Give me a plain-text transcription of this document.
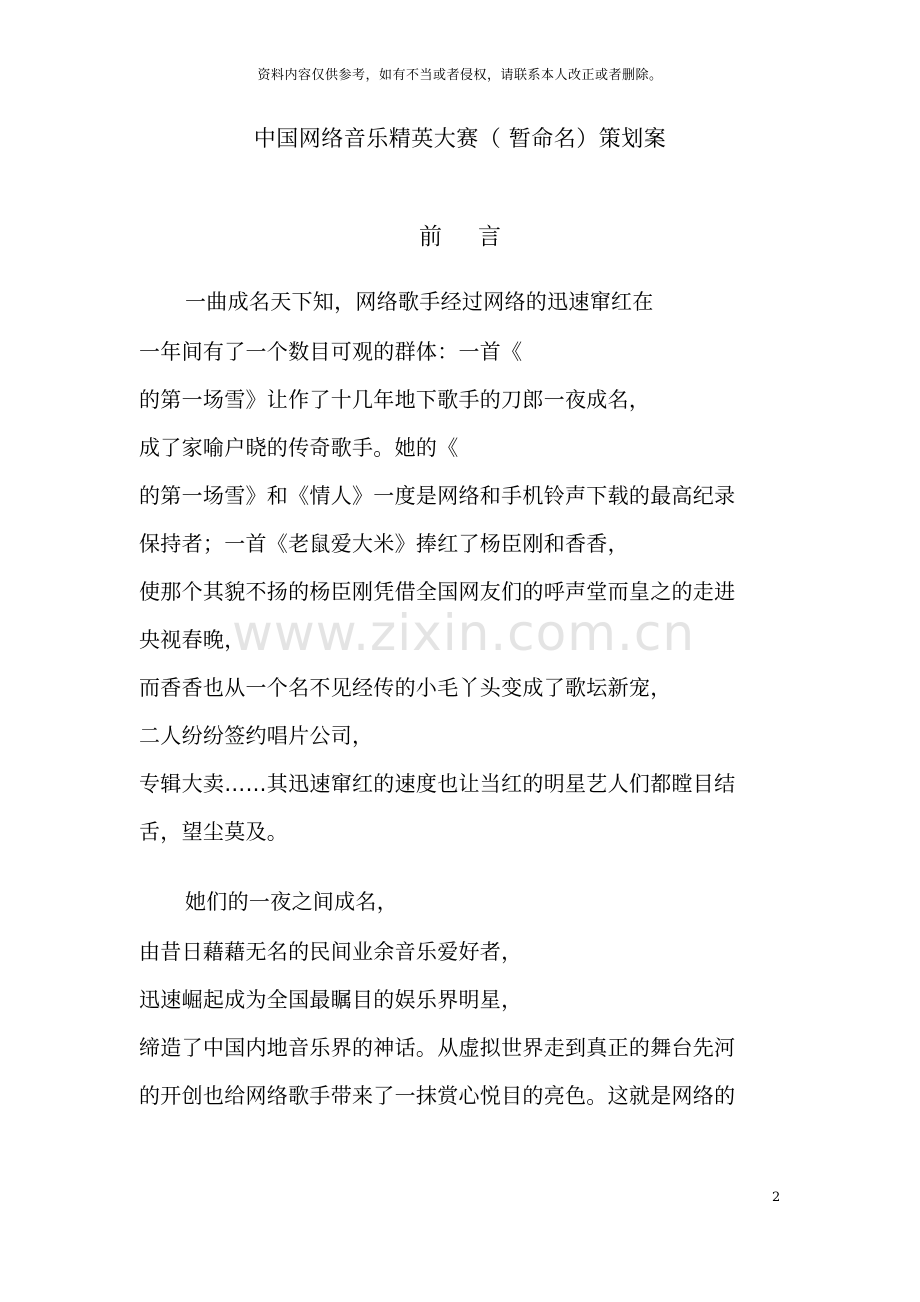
资料内容仅供参考，如有不当或者侵权，请联系本人改正或者删除。
中国网络音乐精英大赛（ 暂命名）策划案
前言
一曲成名天下知，网络歌手经过网络的迅速窜红在
一年间有了一个数目可观的群体：一首《
的第一场雪》让作了十几年地下歌手的刀郎一夜成名，
成了家喻户晓的传奇歌手。她的《
的第一场雪》和《情人》一度是网络和手机铃声下载的最高纪录
保持者；一首《老鼠爱大米》捧红了杨臣刚和香香，
使那个其貌不扬的杨臣刚凭借全国网友们的呼声堂而皇之的走进
央视春晚，
而香香也从一个名不见经传的小毛丫头变成了歌坛新宠，
二人纷纷签约唱片公司，
专辑大卖……其迅速窜红的速度也让当红的明星艺人们都瞠目结
舌，望尘莫及。
她们的一夜之间成名，
由昔日藉藉无名的民间业余音乐爱好者，
迅速崛起成为全国最瞩目的娱乐界明星，
缔造了中国内地音乐界的神话。从虚拟世界走到真正的舞台先河
的开创也给网络歌手带来了一抹赏心悦目的亮色。这就是网络的
www.zixin.com.cn
2
